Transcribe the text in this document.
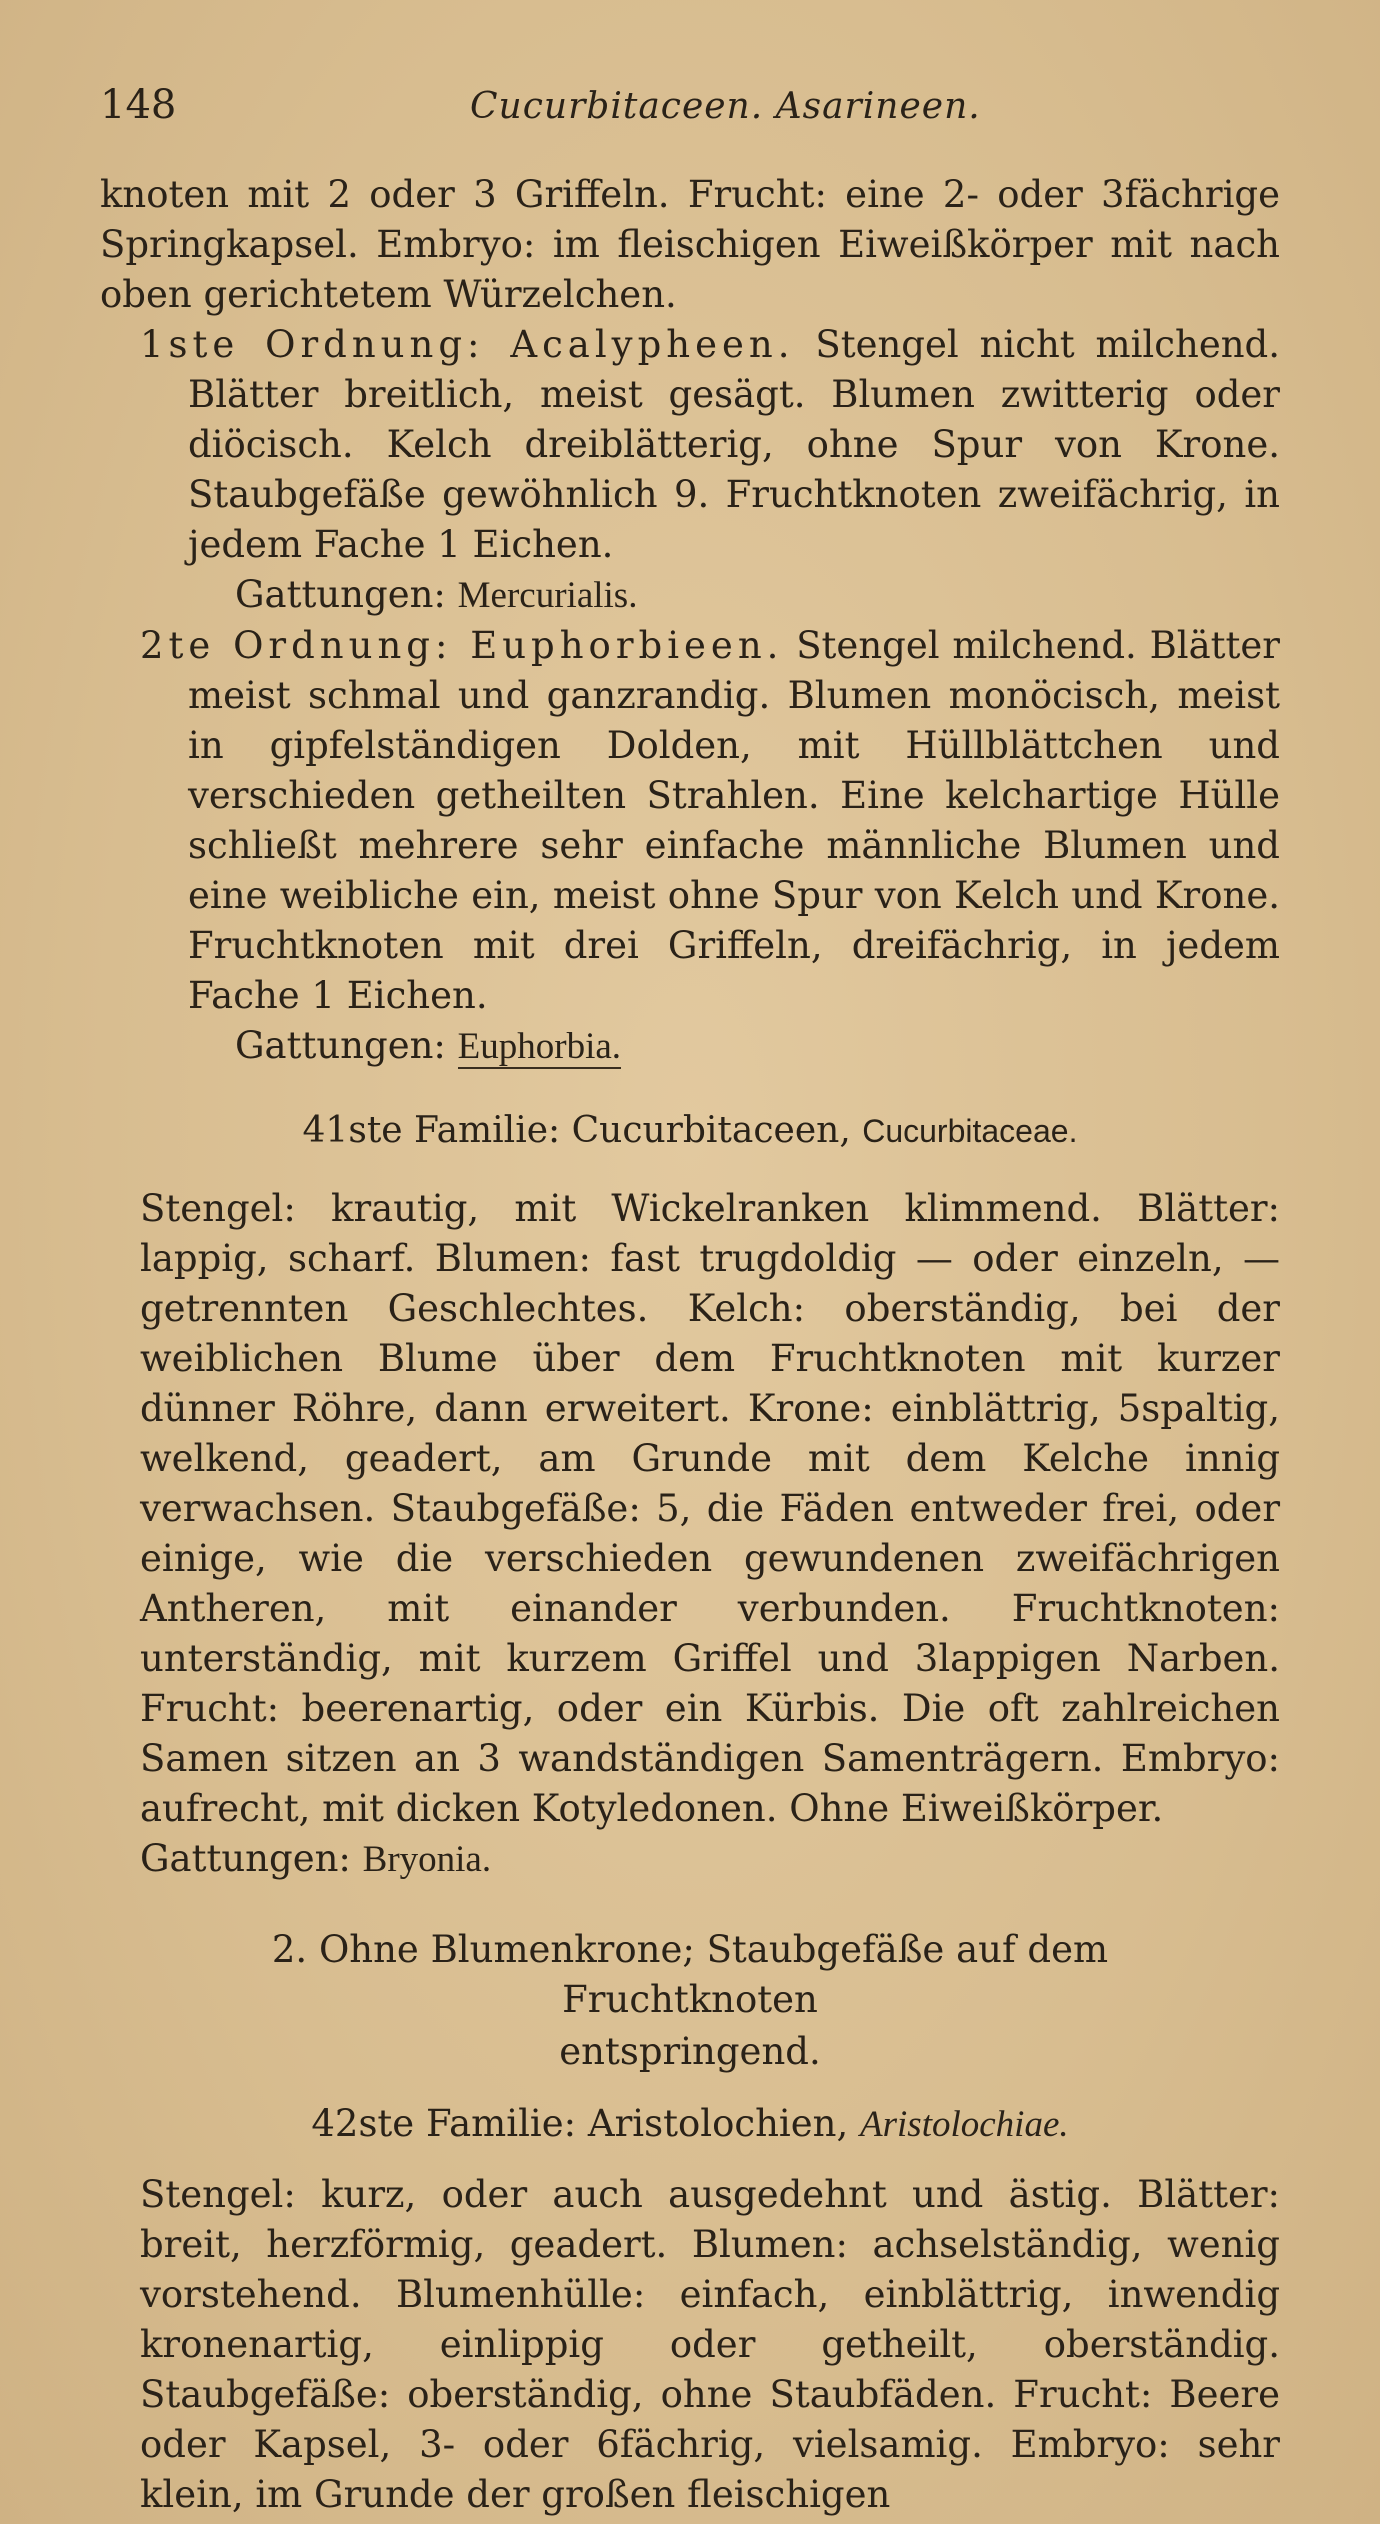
148	Cucurbitaceen. Asarineen.

knoten mit 2 oder 3 Griffeln. Frucht: eine 2- oder 3fächrige Springkapsel. Embryo: im fleischigen Eiweißkörper mit nach oben gerichtetem Würzelchen.

1ste Ordnung: Acalypheen. Stengel nicht milchend. Blätter breitlich, meist gesägt. Blumen zwitterig oder diöcisch. Kelch dreiblätterig, ohne Spur von Krone. Staubgefäße gewöhnlich 9. Fruchtknoten zweifächrig, in jedem Fache 1 Eichen.

Gattungen: Mercurialis.

2te Ordnung: Euphorbieen. Stengel milchend. Blätter meist schmal und ganzrandig. Blumen monöcisch, meist in gipfelständigen Dolden, mit Hüllblättchen und verschieden getheilten Strahlen. Eine kelchartige Hülle schließt mehrere sehr einfache männliche Blumen und eine weibliche ein, meist ohne Spur von Kelch und Krone. Fruchtknoten mit drei Griffeln, dreifächrig, in jedem Fache 1 Eichen.

Gattungen: Euphorbia.

41ste Familie: Cucurbitaceen, Cucurbitaceae.

Stengel: krautig, mit Wickelranken klimmend. Blätter: lappig, scharf. Blumen: fast trugdoldig — oder einzeln, — getrennten Geschlechtes. Kelch: oberständig, bei der weiblichen Blume über dem Fruchtknoten mit kurzer dünner Röhre, dann erweitert. Krone: einblättrig, 5spaltig, welkend, geadert, am Grunde mit dem Kelche innig verwachsen. Staubgefäße: 5, die Fäden entweder frei, oder einige, wie die verschieden gewundenen zweifächrigen Antheren, mit einander verbunden. Fruchtknoten: unterständig, mit kurzem Griffel und 3lappigen Narben. Frucht: beerenartig, oder ein Kürbis. Die oft zahlreichen Samen sitzen an 3 wandständigen Samenträgern. Embryo: aufrecht, mit dicken Kotyledonen. Ohne Eiweißkörper.

Gattungen: Bryonia.

2. Ohne Blumenkrone; Staubgefäße auf dem Fruchtknoten

entspringend.

42ste Familie: Aristolochien, Aristolochiae.

Stengel: kurz, oder auch ausgedehnt und ästig. Blätter: breit, herzförmig, geadert. Blumen: achselständig, wenig vorstehend. Blumenhülle: einfach, einblättrig, inwendig kronenartig, einlippig oder getheilt, oberständig. Staubgefäße: oberständig, ohne Staubfäden. Frucht: Beere oder Kapsel, 3- oder 6fächrig, vielsamig. Embryo: sehr klein, im Grunde der großen fleischigen
